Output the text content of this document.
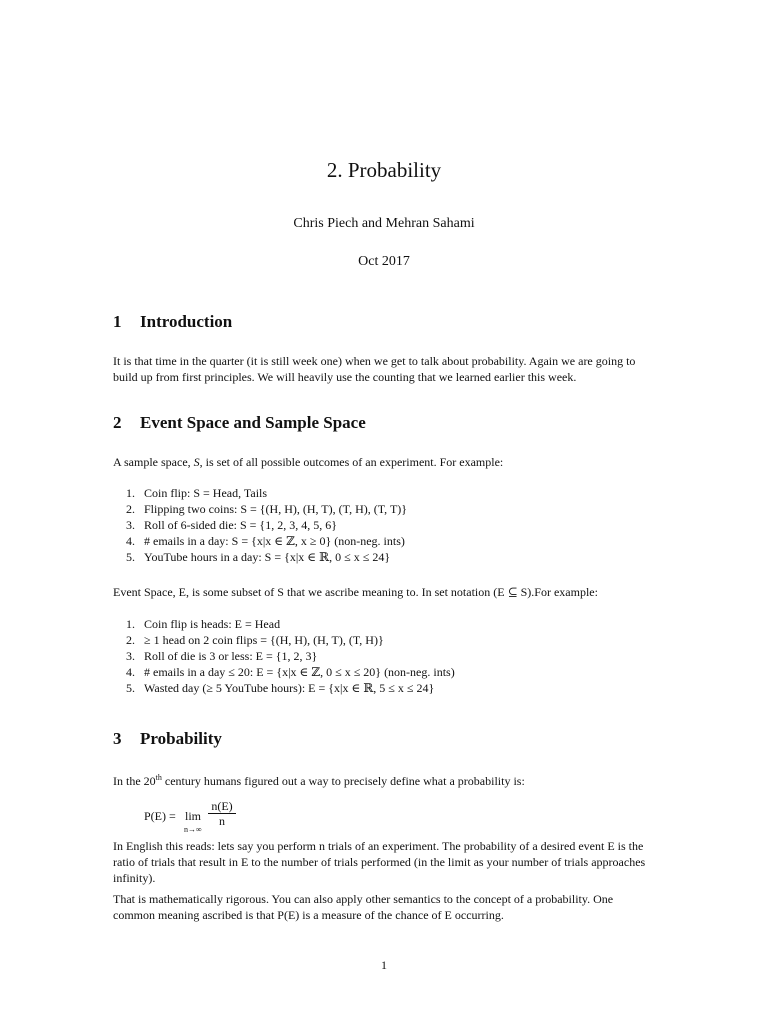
2. Probability
Chris Piech and Mehran Sahami
Oct 2017
1 Introduction
It is that time in the quarter (it is still week one) when we get to talk about probability. Again we are going to build up from first principles. We will heavily use the counting that we learned earlier this week.
2 Event Space and Sample Space
A sample space, S, is set of all possible outcomes of an experiment. For example:
1. Coin flip: S = Head, Tails
2. Flipping two coins: S = {(H, H), (H, T), (T, H), (T, T)}
3. Roll of 6-sided die: S = {1, 2, 3, 4, 5, 6}
4. # emails in a day: S = {x|x ∈ ℤ, x ≥ 0} (non-neg. ints)
5. YouTube hours in a day: S = {x|x ∈ ℝ, 0 ≤ x ≤ 24}
Event Space, E, is some subset of S that we ascribe meaning to. In set notation (E ⊆ S).For example:
1. Coin flip is heads: E = Head
2. ≥ 1 head on 2 coin flips = {(H, H), (H, T), (T, H)}
3. Roll of die is 3 or less: E = {1, 2, 3}
4. # emails in a day ≤ 20: E = {x|x ∈ ℤ, 0 ≤ x ≤ 20} (non-neg. ints)
5. Wasted day (≥ 5 YouTube hours): E = {x|x ∈ ℝ, 5 ≤ x ≤ 24}
3 Probability
In the 20th century humans figured out a way to precisely define what a probability is:
P(E) = lim
n→∞
$\frac{n(E)}{n}$
In English this reads: lets say you perform n trials of an experiment. The probability of a desired event E is the ratio of trials that result in E to the number of trials performed (in the limit as your number of trials approaches infinity).
That is mathematically rigorous. You can also apply other semantics to the concept of a probability. One common meaning ascribed is that P(E) is a measure of the chance of E occurring.
1
